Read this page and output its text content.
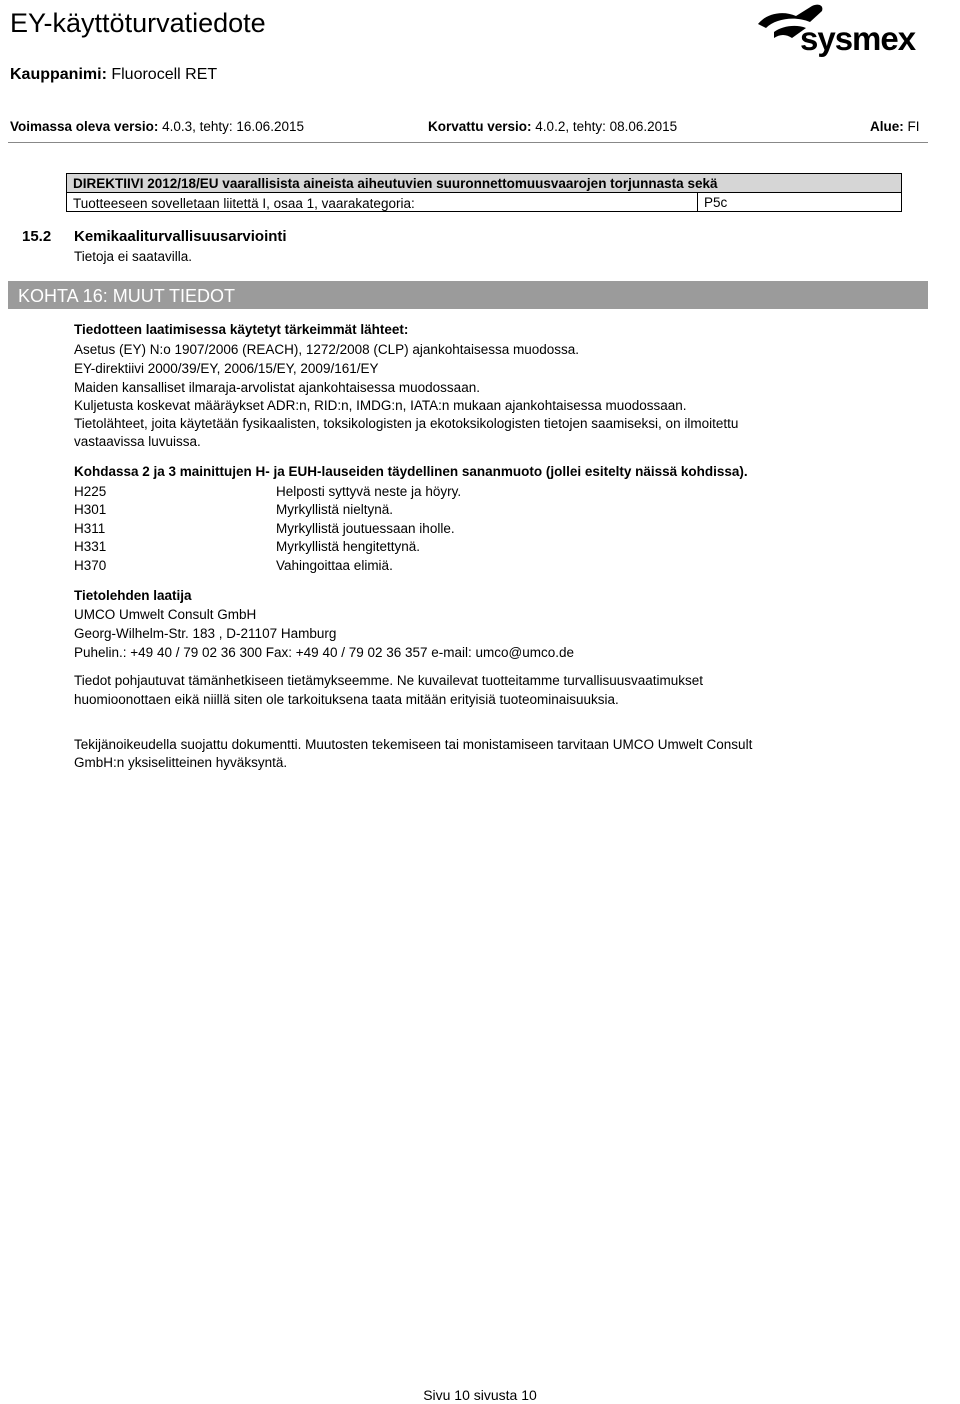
EY-käyttöturvatiedote
Kauppanimi: Fluorocell RET
sysmex
Voimassa oleva versio: 4.0.3, tehty: 16.06.2015	Korvattu versio: 4.0.2, tehty: 08.06.2015	Alue: FI
DIREKTIIVI 2012/18/EU vaarallisista aineista aiheutuvien suuronnettomuusvaarojen torjunnasta sekä
Tuotteeseen sovelletaan liitettä I, osaa 1, vaarakategoria:	P5c
15.2 Kemikaaliturvallisuusarviointi
Tietoja ei saatavilla.
KOHTA 16: MUUT TIEDOT
Tiedotteen laatimisessa käytetyt tärkeimmät lähteet:
Asetus (EY) N:o 1907/2006 (REACH), 1272/2008 (CLP) ajankohtaisessa muodossa.
EY-direktiivi 2000/39/EY, 2006/15/EY, 2009/161/EY
Maiden kansalliset ilmaraja-arvolistat ajankohtaisessa muodossaan.
Kuljetusta koskevat määräykset ADR:n, RID:n, IMDG:n, IATA:n mukaan ajankohtaisessa muodossaan.
Tietolähteet, joita käytetään fysikaalisten, toksikologisten ja ekotoksikologisten tietojen saamiseksi, on ilmoitettu
vastaavissa luvuissa.
Kohdassa 2 ja 3 mainittujen H- ja EUH-lauseiden täydellinen sananmuoto (jollei esitelty näissä kohdissa).
H225	Helposti syttyvä neste ja höyry.
H301	Myrkyllistä nieltynä.
H311	Myrkyllistä joutuessaan iholle.
H331	Myrkyllistä hengitettynä.
H370	Vahingoittaa elimiä.
Tietolehden laatija
UMCO Umwelt Consult GmbH
Georg-Wilhelm-Str. 183 , D-21107 Hamburg
Puhelin.: +49 40 / 79 02 36 300 Fax: +49 40 / 79 02 36 357 e-mail: umco@umco.de
Tiedot pohjautuvat tämänhetkiseen tietämykseemme. Ne kuvailevat tuotteitamme turvallisuusvaatimukset
huomioonottaen eikä niillä siten ole tarkoituksena taata mitään erityisiä tuoteominaisuuksia.
Tekijänoikeudella suojattu dokumentti. Muutosten tekemiseen tai monistamiseen tarvitaan UMCO Umwelt Consult
GmbH:n yksiselitteinen hyväksyntä.
Sivu 10 sivusta 10
